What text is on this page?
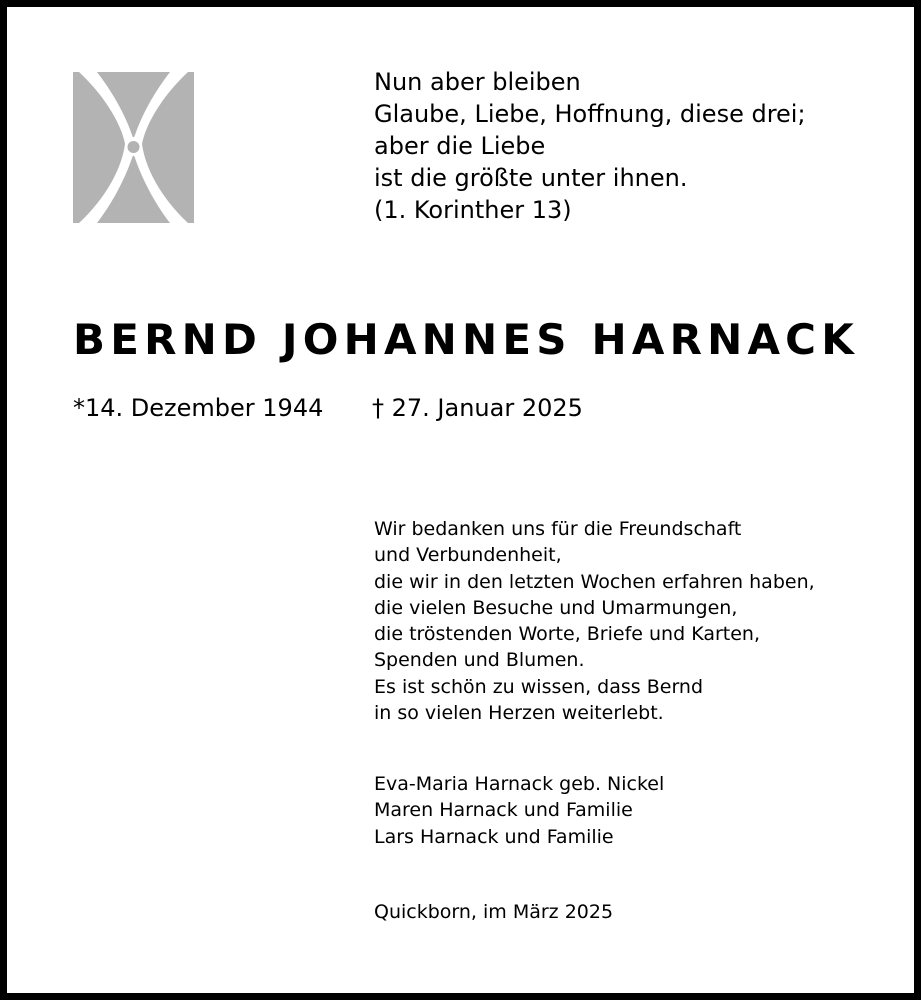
Nun aber bleiben
Glaube, Liebe, Hoffnung, diese drei;
aber die Liebe
ist die größte unter ihnen.
(1. Korinther 13)
BERND JOHANNES HARNACK
*14. Dezember 1944 † 27. Januar 2025
Wir bedanken uns für die Freundschaft
und Verbundenheit,
die wir in den letzten Wochen erfahren haben,
die vielen Besuche und Umarmungen,
die tröstenden Worte, Briefe und Karten,
Spenden und Blumen.
Es ist schön zu wissen, dass Bernd
in so vielen Herzen weiterlebt.
Eva-Maria Harnack geb. Nickel
Maren Harnack und Familie
Lars Harnack und Familie
Quickborn, im März 2025
